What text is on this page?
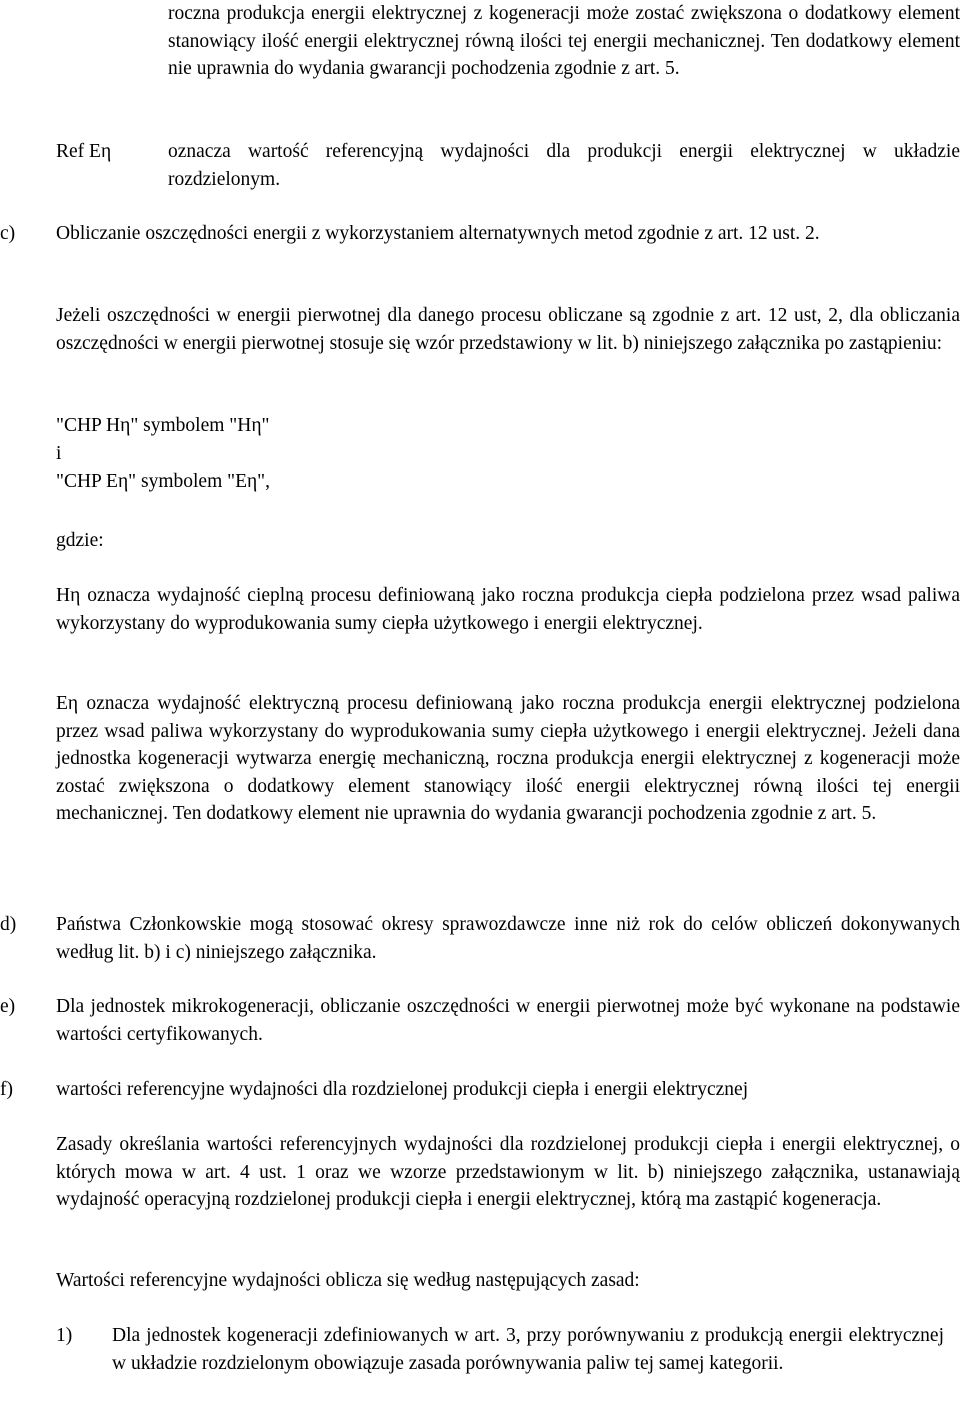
roczna produkcja energii elektrycznej z kogeneracji może zostać zwiększona o dodatkowy element stanowiący ilość energii elektrycznej równą ilości tej energii mechanicznej. Ten dodatkowy element nie uprawnia do wydania gwarancji pochodzenia zgodnie z art. 5.

Ref Eη	oznacza wartość referencyjną wydajności dla produkcji energii elektrycznej w układzie rozdzielonym.

c) Obliczanie oszczędności energii z wykorzystaniem alternatywnych metod zgodnie z art. 12 ust. 2.

Jeżeli oszczędności w energii pierwotnej dla danego procesu obliczane są zgodnie z art. 12 ust, 2, dla obliczania oszczędności w energii pierwotnej stosuje się wzór przedstawiony w lit. b) niniejszego załącznika po zastąpieniu:

"CHP Hη" symbolem "Hη"

i

"CHP Eη" symbolem "Eη",

gdzie:

Hη oznacza wydajność cieplną procesu definiowaną jako roczna produkcja ciepła podzielona przez wsad paliwa wykorzystany do wyprodukowania sumy ciepła użytkowego i energii elektrycznej.

Eη oznacza wydajność elektryczną procesu definiowaną jako roczna produkcja energii elektrycznej podzielona przez wsad paliwa wykorzystany do wyprodukowania sumy ciepła użytkowego i energii elektrycznej. Jeżeli dana jednostka kogeneracji wytwarza energię mechaniczną, roczna produkcja energii elektrycznej z kogeneracji może zostać zwiększona o dodatkowy element stanowiący ilość energii elektrycznej równą ilości tej energii mechanicznej. Ten dodatkowy element nie uprawnia do wydania gwarancji pochodzenia zgodnie z art. 5.

d) Państwa Członkowskie mogą stosować okresy sprawozdawcze inne niż rok do celów obliczeń dokonywanych według lit. b) i c) niniejszego załącznika.

e) Dla jednostek mikrokogeneracji, obliczanie oszczędności w energii pierwotnej może być wykonane na podstawie wartości certyfikowanych.

f) wartości referencyjne wydajności dla rozdzielonej produkcji ciepła i energii elektrycznej

Zasady określania wartości referencyjnych wydajności dla rozdzielonej produkcji ciepła i energii elektrycznej, o których mowa w art. 4 ust. 1 oraz we wzorze przedstawionym w lit. b) niniejszego załącznika, ustanawiają wydajność operacyjną rozdzielonej produkcji ciepła i energii elektrycznej, którą ma zastąpić kogeneracja.

Wartości referencyjne wydajności oblicza się według następujących zasad:

1) Dla jednostek kogeneracji zdefiniowanych w art. 3, przy porównywaniu z produkcją energii elektrycznej w układzie rozdzielonym obowiązuje zasada porównywania paliw tej samej kategorii.
